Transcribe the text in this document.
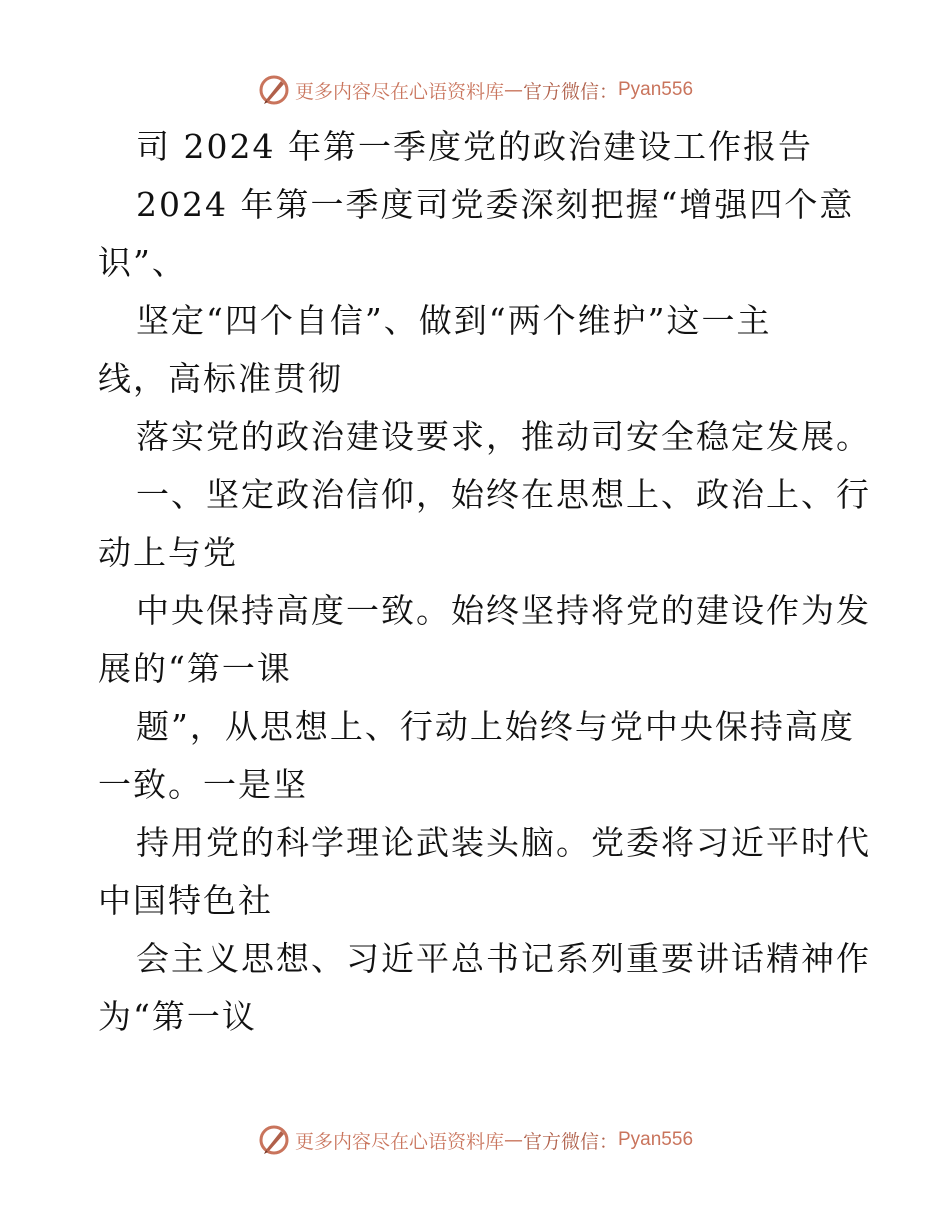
更多内容尽在心语资料库 — 官方微信： Pyan556
司 2024 年第一季度党的政治建设工作报告
2024 年第一季度司党委深刻把握“增强四个意
识”、
坚定“四个自信”、做到“两个维护”这一主
线，高标准贯彻
落实党的政治建设要求，推动司安全稳定发展。
一、坚定政治信仰，始终在思想上、政治上、行
动上与党
中央保持高度一致。始终坚持将党的建设作为发
展的“第一课
题”，从思想上、行动上始终与党中央保持高度
一致。一是坚
持用党的科学理论武装头脑。党委将习近平时代
中国特色社
会主义思想、习近平总书记系列重要讲话精神作
为“第一议
更多内容尽在心语资料库 — 官方微信： Pyan556
